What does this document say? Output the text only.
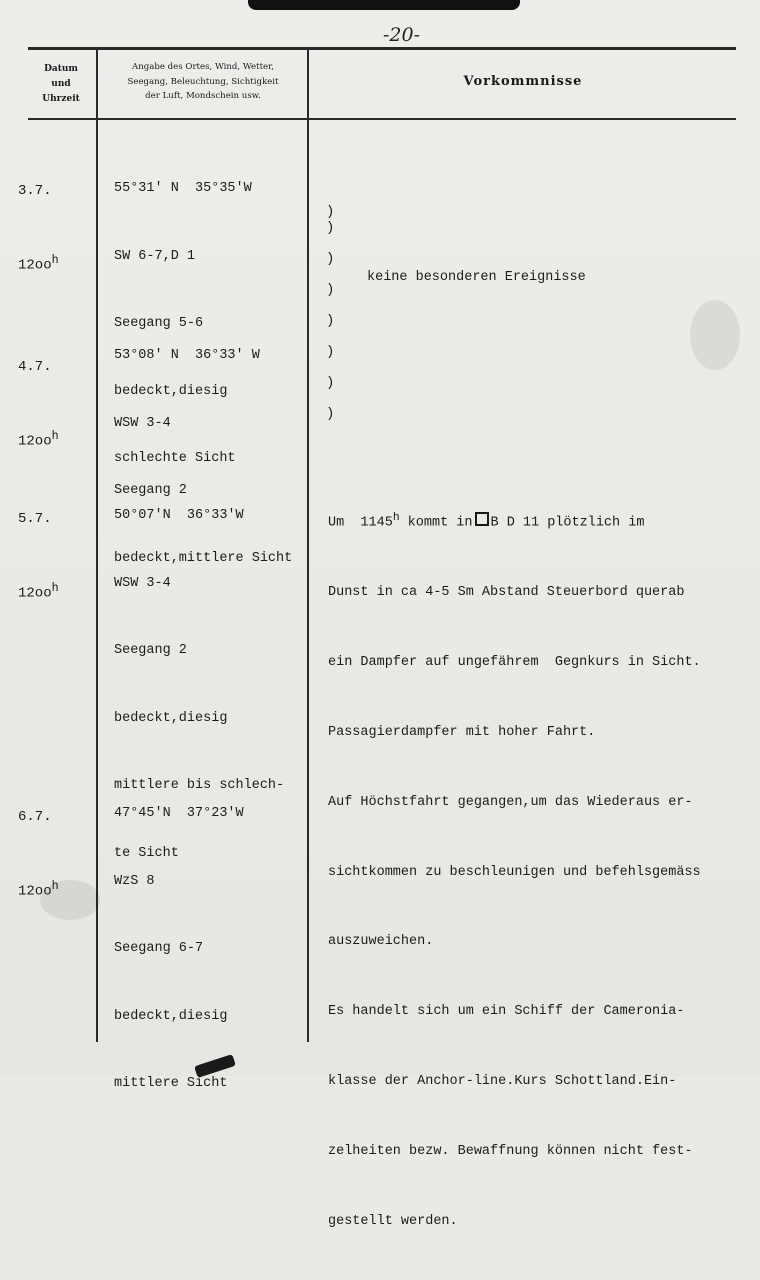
-20-
Datum
und
Uhrzeit
Angabe des Ortes, Wind, Wetter,
Seegang, Beleuchtung, Sichtigkeit
der Luft, Mondschein usw.
Vorkommnisse

3.7.

$12oo^h$

55°31' N  35°35'W

SW 6-7,D 1

Seegang 5-6

bedeckt,diesig

schlechte Sicht

4.7.

$12oo^h$

53°08' N  36°33' W

WSW 3-4

Seegang 2

bedeckt,mittlere Sicht

)
)

)

)

)

)

)

)
keine besonderen Ereignisse

5.7.

$12oo^h$

50°07'N  36°33'W

WSW 3-4

Seegang 2

bedeckt,diesig

mittlere bis schlech-

te Sicht

Um  1145$^h$ kommt in B D 11 plötzlich im

Dunst in ca 4-5 Sm Abstand Steuerbord querab

ein Dampfer auf ungefährem  Gegnkurs in Sicht.

Passagierdampfer mit hoher Fahrt.

Auf Höchstfahrt gegangen,um das Wiederaus er-

sichtkommen zu beschleunigen und befehlsgemäss

auszuweichen.

Es handelt sich um ein Schiff der Cameronia-

klasse der Anchor-line.Kurs Schottland.Ein-

zelheiten bezw. Bewaffnung können nicht fest-

gestellt werden.

6.7.

$12oo^h$

47°45'N  37°23'W

WzS 8

Seegang 6-7

bedeckt,diesig

mittlere Sicht
